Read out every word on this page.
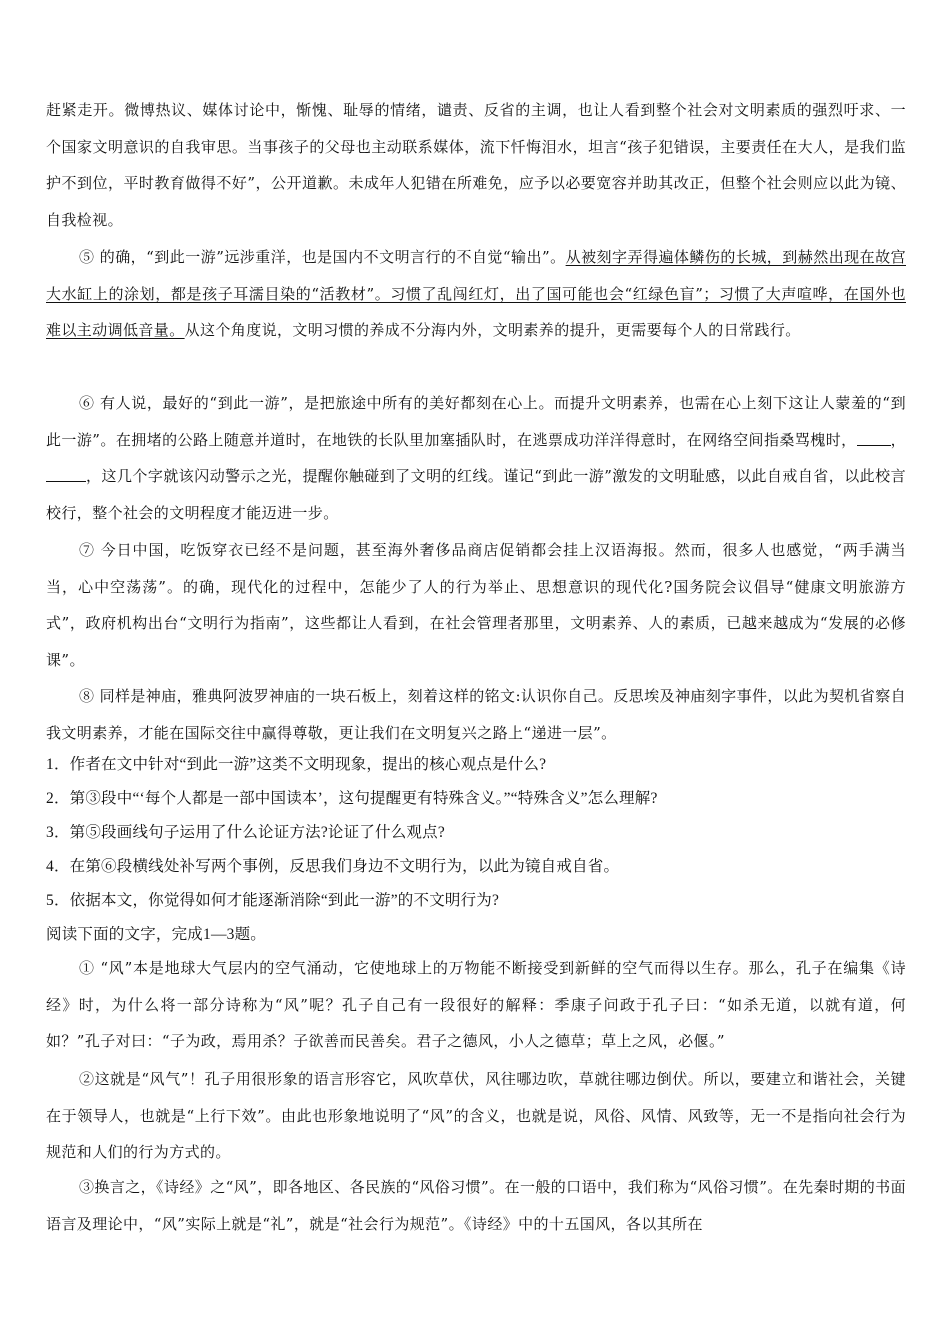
赶紧走开。微博热议、媒体讨论中，惭愧、耻辱的情绪，谴责、反省的主调，也让人看到整个社会对文明素质的强烈吁求、一个国家文明意识的自我审思。当事孩子的父母也主动联系媒体，流下忏悔泪水，坦言“孩子犯错误，主要责任在大人，是我们监护不到位，平时教育做得不好”，公开道歉。未成年人犯错在所难免，应予以必要宽容并助其改正，但整个社会则应以此为镜、自我检视。
⑤ 的确，“到此一游”远涉重洋，也是国内不文明言行的不自觉“输出”。从被刻字弄得遍体鳞伤的长城，到赫然出现在故宫大水缸上的涂划，都是孩子耳濡目染的“活教材”。习惯了乱闯红灯，出了国可能也会“红绿色盲”；习惯了大声喧哗，在国外也难以主动调低音量。从这个角度说，文明习惯的养成不分海内外，文明素养的提升，更需要每个人的日常践行。
⑥ 有人说，最好的“到此一游”，是把旅途中所有的美好都刻在心上。而提升文明素养，也需在心上刻下这让人蒙羞的“到此一游”。在拥堵的公路上随意并道时，在地铁的长队里加塞插队时，在逃票成功洋洋得意时，在网络空间指桑骂槐时， ，，这几个字就该闪动警示之光，提醒你触碰到了文明的红线。谨记“到此一游”激发的文明耻感，以此自戒自省，以此校言校行，整个社会的文明程度才能迈进一步。
⑦ 今日中国，吃饭穿衣已经不是问题，甚至海外奢侈品商店促销都会挂上汉语海报。然而，很多人也感觉，“两手满当当，心中空荡荡”。的确，现代化的过程中，怎能少了人的行为举止、思想意识的现代化?国务院会议倡导“健康文明旅游方式”，政府机构出台“文明行为指南”，这些都让人看到，在社会管理者那里，文明素养、人的素质，已越来越成为“发展的必修课”。
⑧ 同样是神庙，雅典阿波罗神庙的一块石板上，刻着这样的铭文:认识你自己。反思埃及神庙刻字事件，以此为契机省察自我文明素养，才能在国际交往中赢得尊敬，更让我们在文明复兴之路上“递进一层”。
1．作者在文中针对“到此一游”这类不文明现象，提出的核心观点是什么?
2．第③段中“‘每个人都是一部中国读本’，这句提醒更有特殊含义。”“特殊含义”怎么理解?
3．第⑤段画线句子运用了什么论证方法?论证了什么观点?
4．在第⑥段横线处补写两个事例，反思我们身边不文明行为，以此为镜自戒自省。
5．依据本文，你觉得如何才能逐渐消除“到此一游”的不文明行为?
阅读下面的文字，完成1—3题。
① “风”本是地球大气层内的空气涌动，它使地球上的万物能不断接受到新鲜的空气而得以生存。那么，孔子在编集《诗经》时，为什么将一部分诗称为“风”呢？孔子自己有一段很好的解释：季康子问政于孔子曰：“如杀无道，以就有道，何如？”孔子对曰：“子为政，焉用杀？子欲善而民善矣。君子之德风，小人之德草；草上之风，必偃。”
②这就是“风气”！孔子用很形象的语言形容它，风吹草伏，风往哪边吹，草就往哪边倒伏。所以，要建立和谐社会，关键在于领导人，也就是“上行下效”。由此也形象地说明了“风”的含义，也就是说，风俗、风情、风致等，无一不是指向社会行为规范和人们的行为方式的。
③换言之，《诗经》之“风”，即各地区、各民族的“风俗习惯”。在一般的口语中，我们称为“风俗习惯”。在先秦时期的书面语言及理论中，“风”实际上就是“礼”，就是“社会行为规范”。《诗经》中的十五国风，各以其所在
